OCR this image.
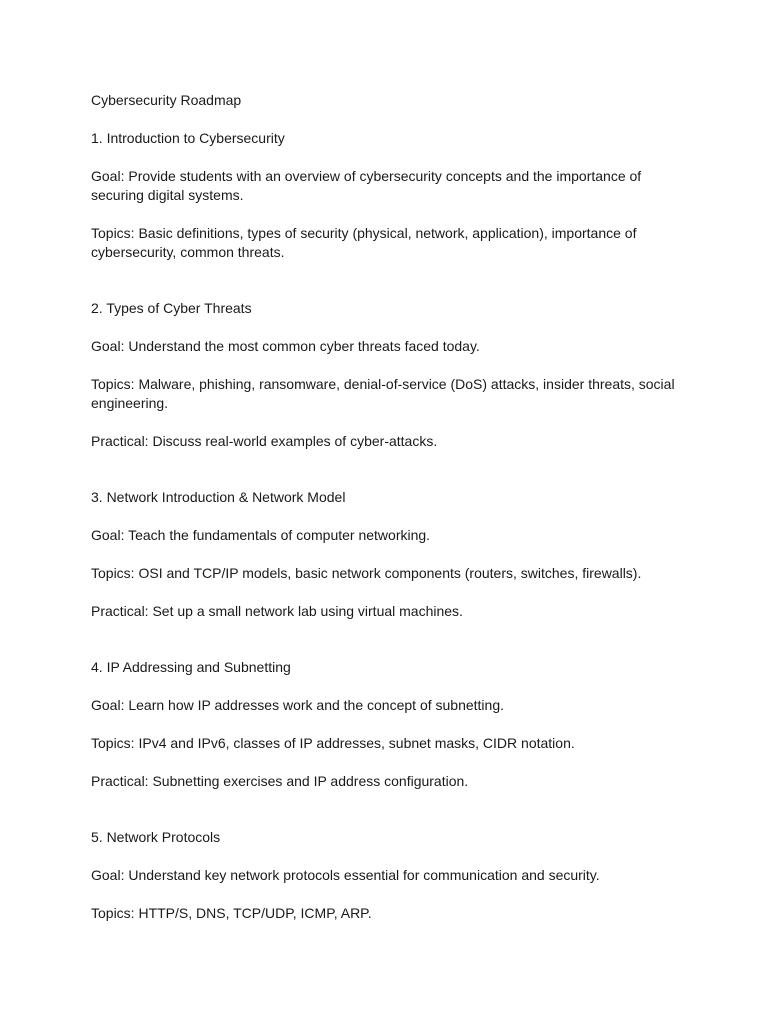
Cybersecurity Roadmap

1. Introduction to Cybersecurity

Goal: Provide students with an overview of cybersecurity concepts and the importance of securing digital systems.

Topics: Basic definitions, types of security (physical, network, application), importance of cybersecurity, common threats.

2. Types of Cyber Threats

Goal: Understand the most common cyber threats faced today.

Topics: Malware, phishing, ransomware, denial-of-service (DoS) attacks, insider threats, social engineering.

Practical: Discuss real-world examples of cyber-attacks.

3. Network Introduction & Network Model

Goal: Teach the fundamentals of computer networking.

Topics: OSI and TCP/IP models, basic network components (routers, switches, firewalls).

Practical: Set up a small network lab using virtual machines.

4. IP Addressing and Subnetting

Goal: Learn how IP addresses work and the concept of subnetting.

Topics: IPv4 and IPv6, classes of IP addresses, subnet masks, CIDR notation.

Practical: Subnetting exercises and IP address configuration.

5. Network Protocols

Goal: Understand key network protocols essential for communication and security.

Topics: HTTP/S, DNS, TCP/UDP, ICMP, ARP.
